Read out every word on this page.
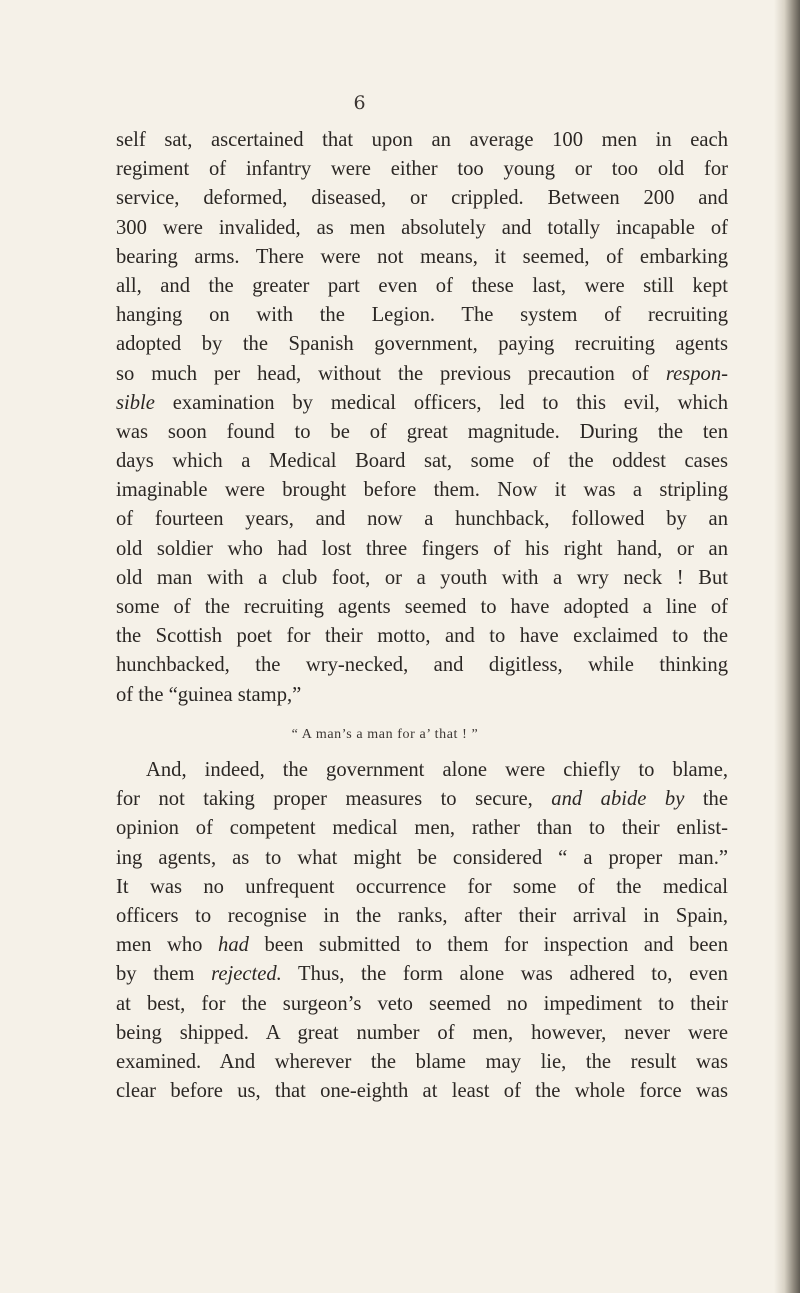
6
self sat, ascertained that upon an average 100 men in each
regiment of infantry were either too young or too old for
service, deformed, diseased, or crippled. Between 200 and
300 were invalided, as men absolutely and totally incapable of
bearing arms. There were not means, it seemed, of embarking
all, and the greater part even of these last, were still kept
hanging on with the Legion. The system of recruiting
adopted by the Spanish government, paying recruiting agents
so much per head, without the previous precaution of respon-
sible examination by medical officers, led to this evil, which
was soon found to be of great magnitude. During the ten
days which a Medical Board sat, some of the oddest cases
imaginable were brought before them. Now it was a stripling
of fourteen years, and now a hunchback, followed by an
old soldier who had lost three fingers of his right hand, or an
old man with a club foot, or a youth with a wry neck ! But
some of the recruiting agents seemed to have adopted a line of
the Scottish poet for their motto, and to have exclaimed to the
hunchbacked, the wry-necked, and digitless, while thinking
of the “guinea stamp,”
“ A man’s a man for a’ that ! ”
And, indeed, the government alone were chiefly to blame,
for not taking proper measures to secure, and abide by the
opinion of competent medical men, rather than to their enlist-
ing agents, as to what might be considered “ a proper man.”
It was no unfrequent occurrence for some of the medical
officers to recognise in the ranks, after their arrival in Spain,
men who had been submitted to them for inspection and been
by them rejected. Thus, the form alone was adhered to, even
at best, for the surgeon’s veto seemed no impediment to their
being shipped. A great number of men, however, never were
examined. And wherever the blame may lie, the result was
clear before us, that one-eighth at least of the whole force was
